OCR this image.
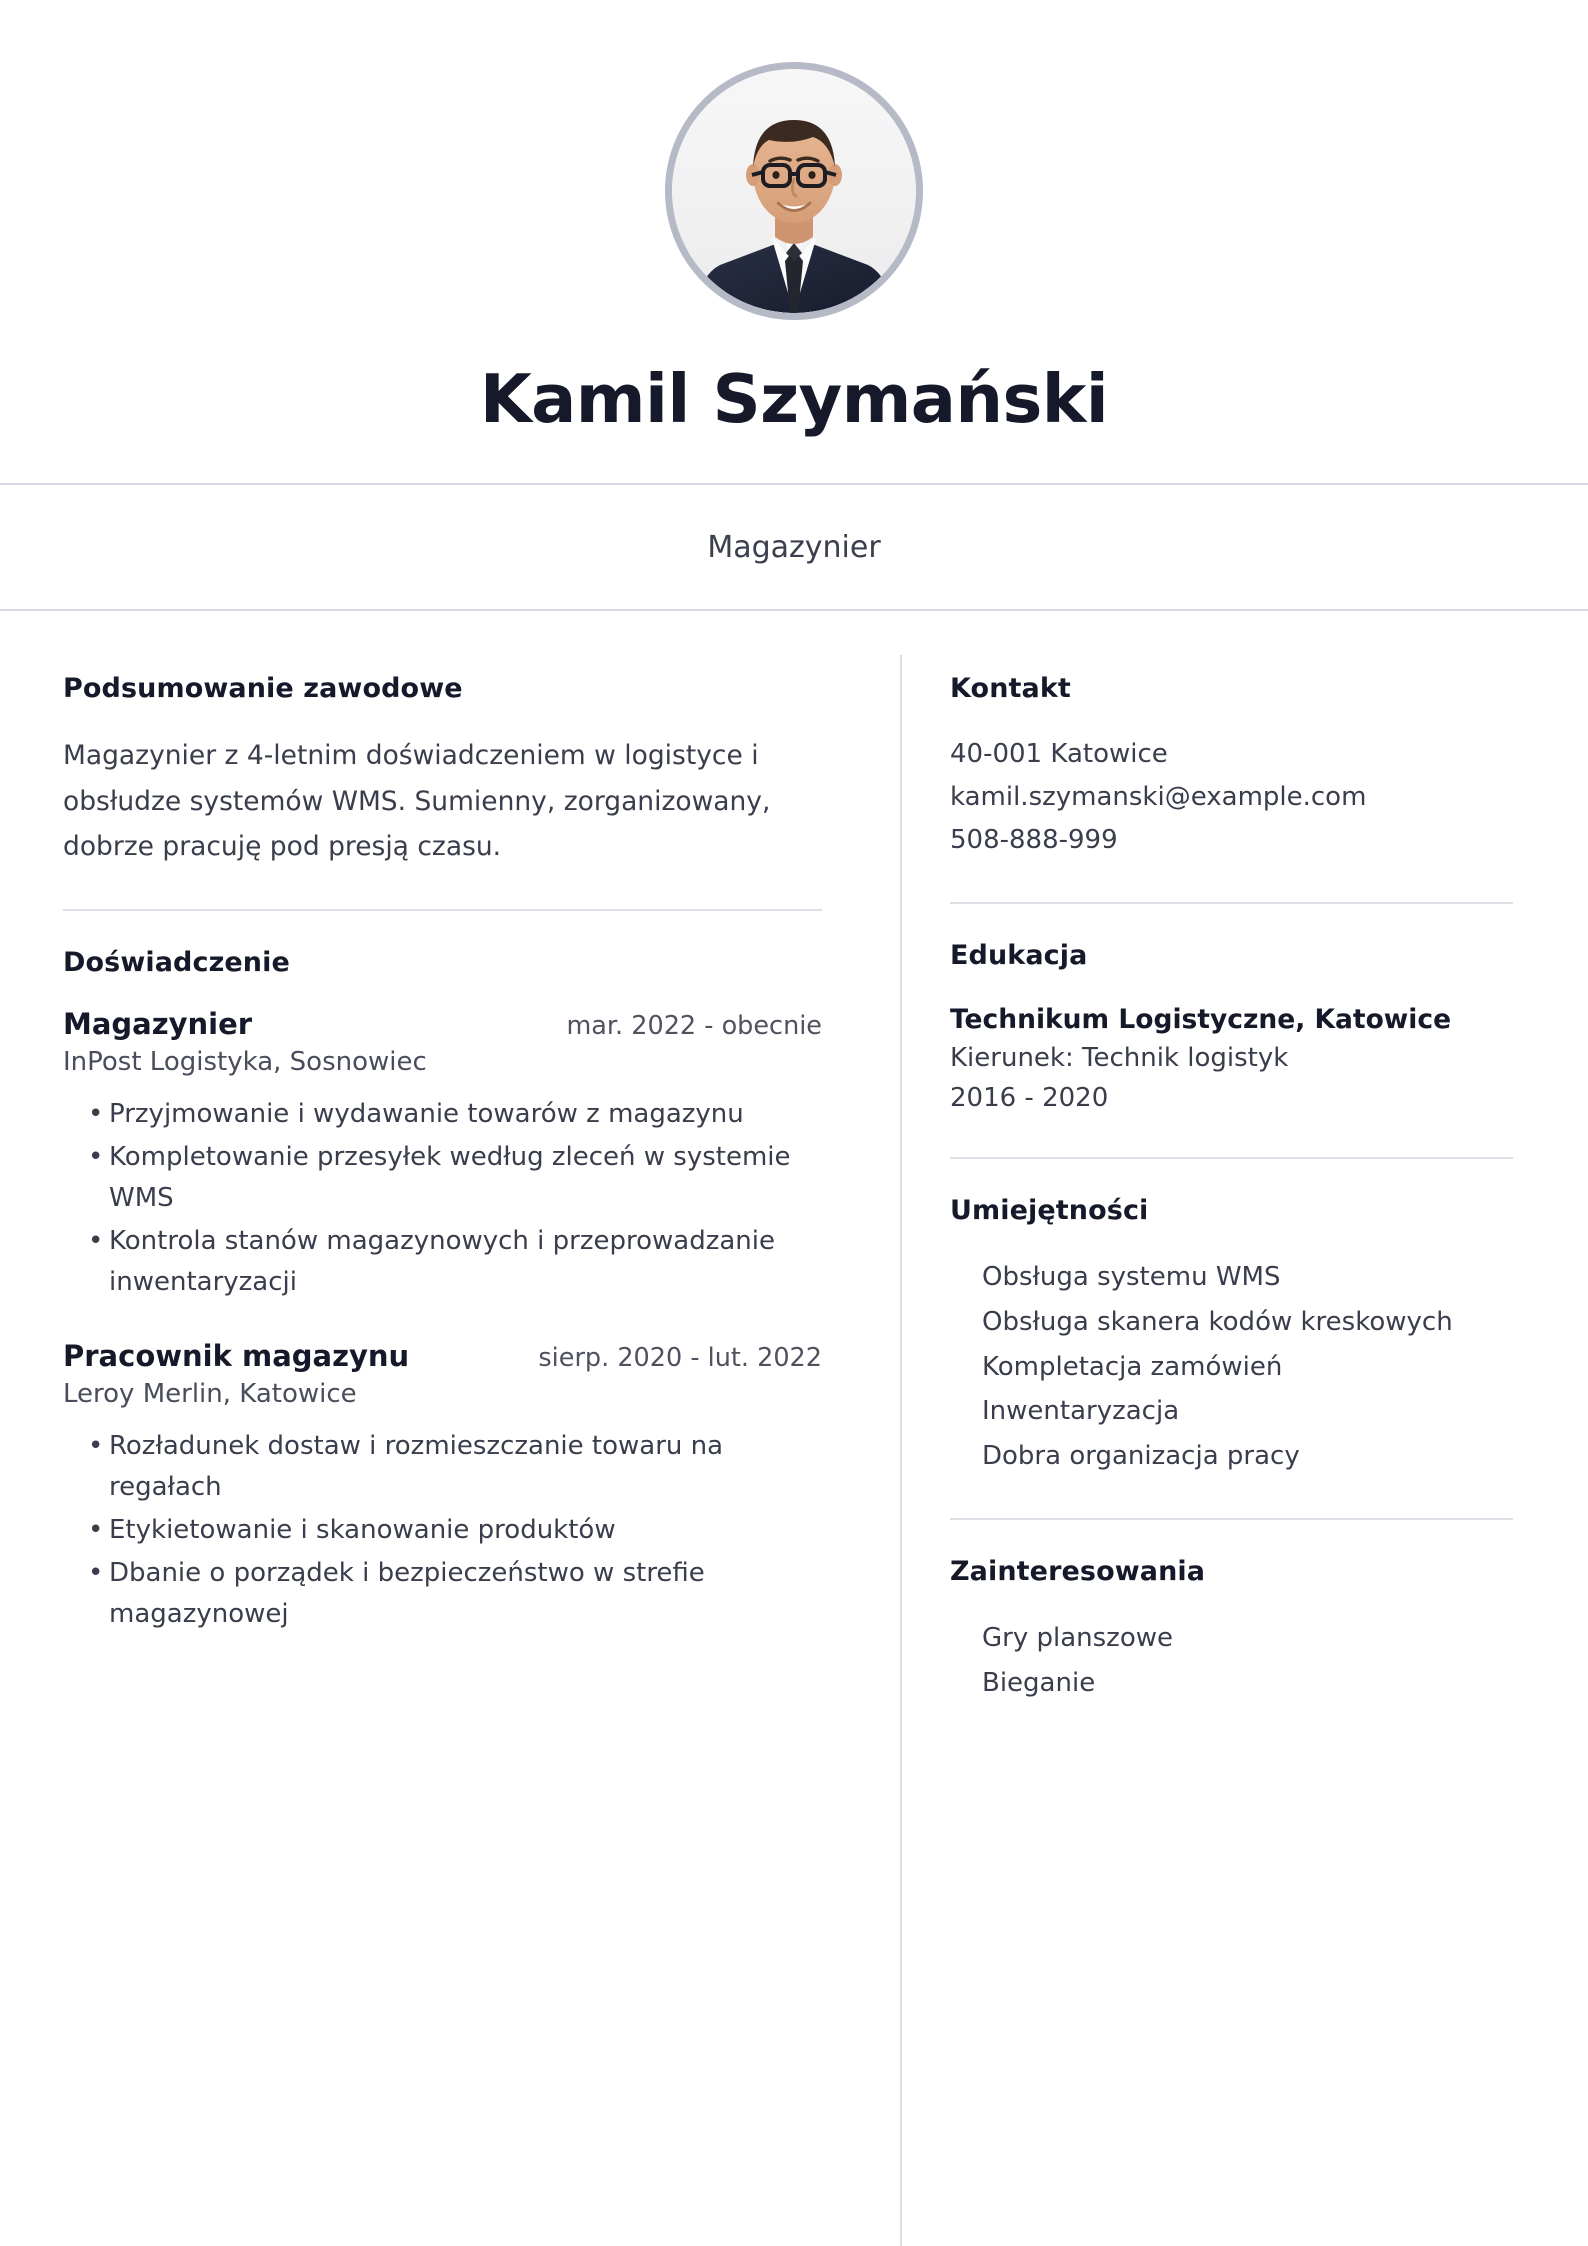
Kamil Szymański
Magazynier
Podsumowanie zawodowe

Magazynier z 4-letnim doświadczeniem w logistyce i obsłudze systemów WMS. Sumienny, zorganizowany, dobrze pracuję pod presją czasu.

Doświadczenie
Magazynier	mar. 2022 - obecnie
InPost Logistyka, Sosnowiec
• Przyjmowanie i wydawanie towarów z magazynu
• Kompletowanie przesyłek według zleceń w systemie WMS
• Kontrola stanów magazynowych i przeprowadzanie inwentaryzacji
Pracownik magazynu	sierp. 2020 - lut. 2022
Leroy Merlin, Katowice
• Rozładunek dostaw i rozmieszczanie towaru na regałach
• Etykietowanie i skanowanie produktów
• Dbanie o porządek i bezpieczeństwo w strefie magazynowej
Kontakt
40-001 Katowice
kamil.szymanski@example.com
508-888-999
Edukacja
Technikum Logistyczne, Katowice
Kierunek: Technik logistyk
2016 - 2020
Umiejętności
Obsługa systemu WMS
Obsługa skanera kodów kreskowych
Kompletacja zamówień
Inwentaryzacja
Dobra organizacja pracy
Zainteresowania
Gry planszowe
Bieganie
